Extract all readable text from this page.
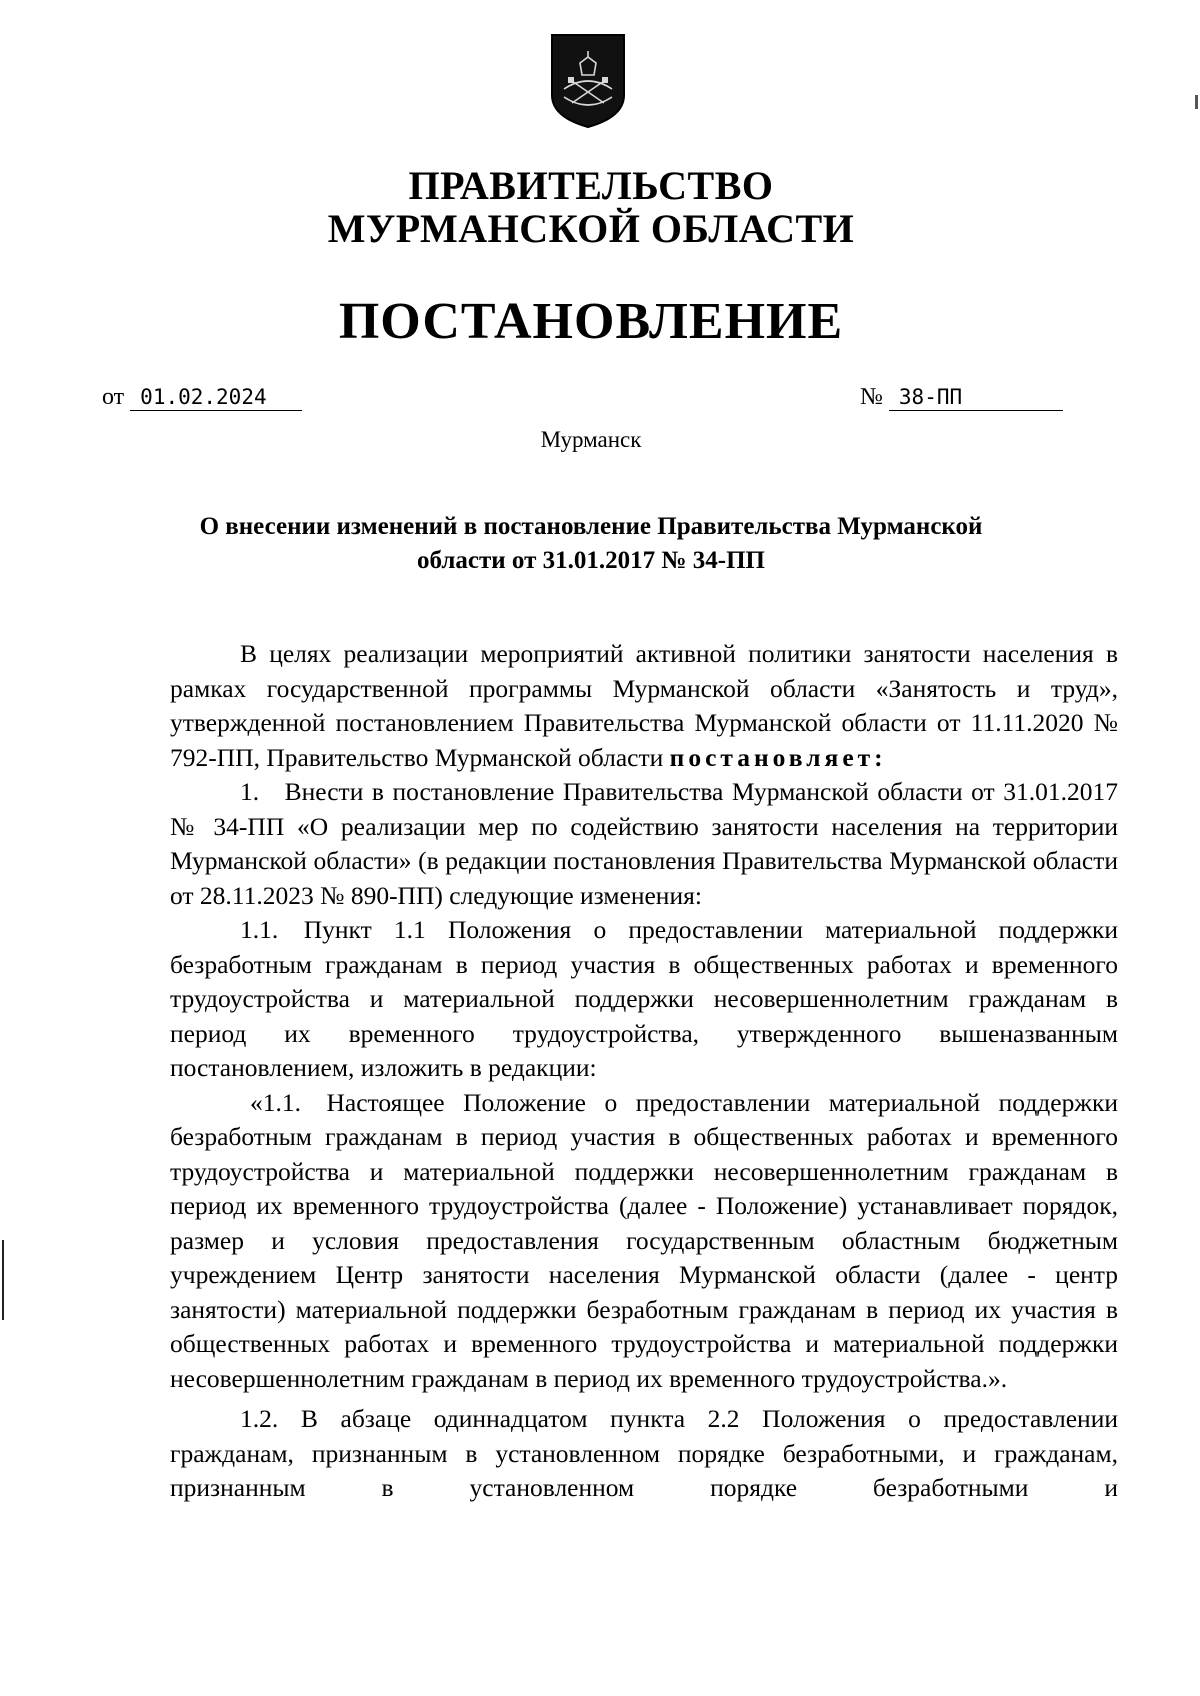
ПРАВИТЕЛЬСТВО
МУРМАНСКОЙ ОБЛАСТИ
ПОСТАНОВЛЕНИЕ
от 01.02.2024	№ 38-ПП
Мурманск
О внесении изменений в постановление Правительства Мурманской
области от 31.01.2017 № 34-ПП

В целях реализации мероприятий активной политики занятости населения в рамках государственной программы Мурманской области «Занятость и труд», утвержденной постановлением Правительства Мурманской области от 11.11.2020 № 792-ПП, Правительство Мурманской области постановляет:

1. Внести в постановление Правительства Мурманской области от 31.01.2017 № 34-ПП «О реализации мер по содействию занятости населения на территории Мурманской области» (в редакции постановления Правительства Мурманской области от 28.11.2023 № 890-ПП) следующие изменения:

1.1. Пункт 1.1 Положения о предоставлении материальной поддержки безработным гражданам в период участия в общественных работах и временного трудоустройства и материальной поддержки несовершеннолетним гражданам в период их временного трудоустройства, утвержденного вышеназванным постановлением, изложить в редакции:

«1.1. Настоящее Положение о предоставлении материальной поддержки безработным гражданам в период участия в общественных работах и временного трудоустройства и материальной поддержки несовершеннолетним гражданам в период их временного трудоустройства (далее - Положение) устанавливает порядок, размер и условия предоставления государственным областным бюджетным учреждением Центр занятости населения Мурманской области (далее - центр занятости) материальной поддержки безработным гражданам в период их участия в общественных работах и временного трудоустройства и материальной поддержки несовершеннолетним гражданам в период их временного трудоустройства.».

1.2. В абзаце одиннадцатом пункта 2.2 Положения о предоставлении гражданам, признанным в установленном порядке безработными, и гражданам, признанным в установленном порядке безработными и
